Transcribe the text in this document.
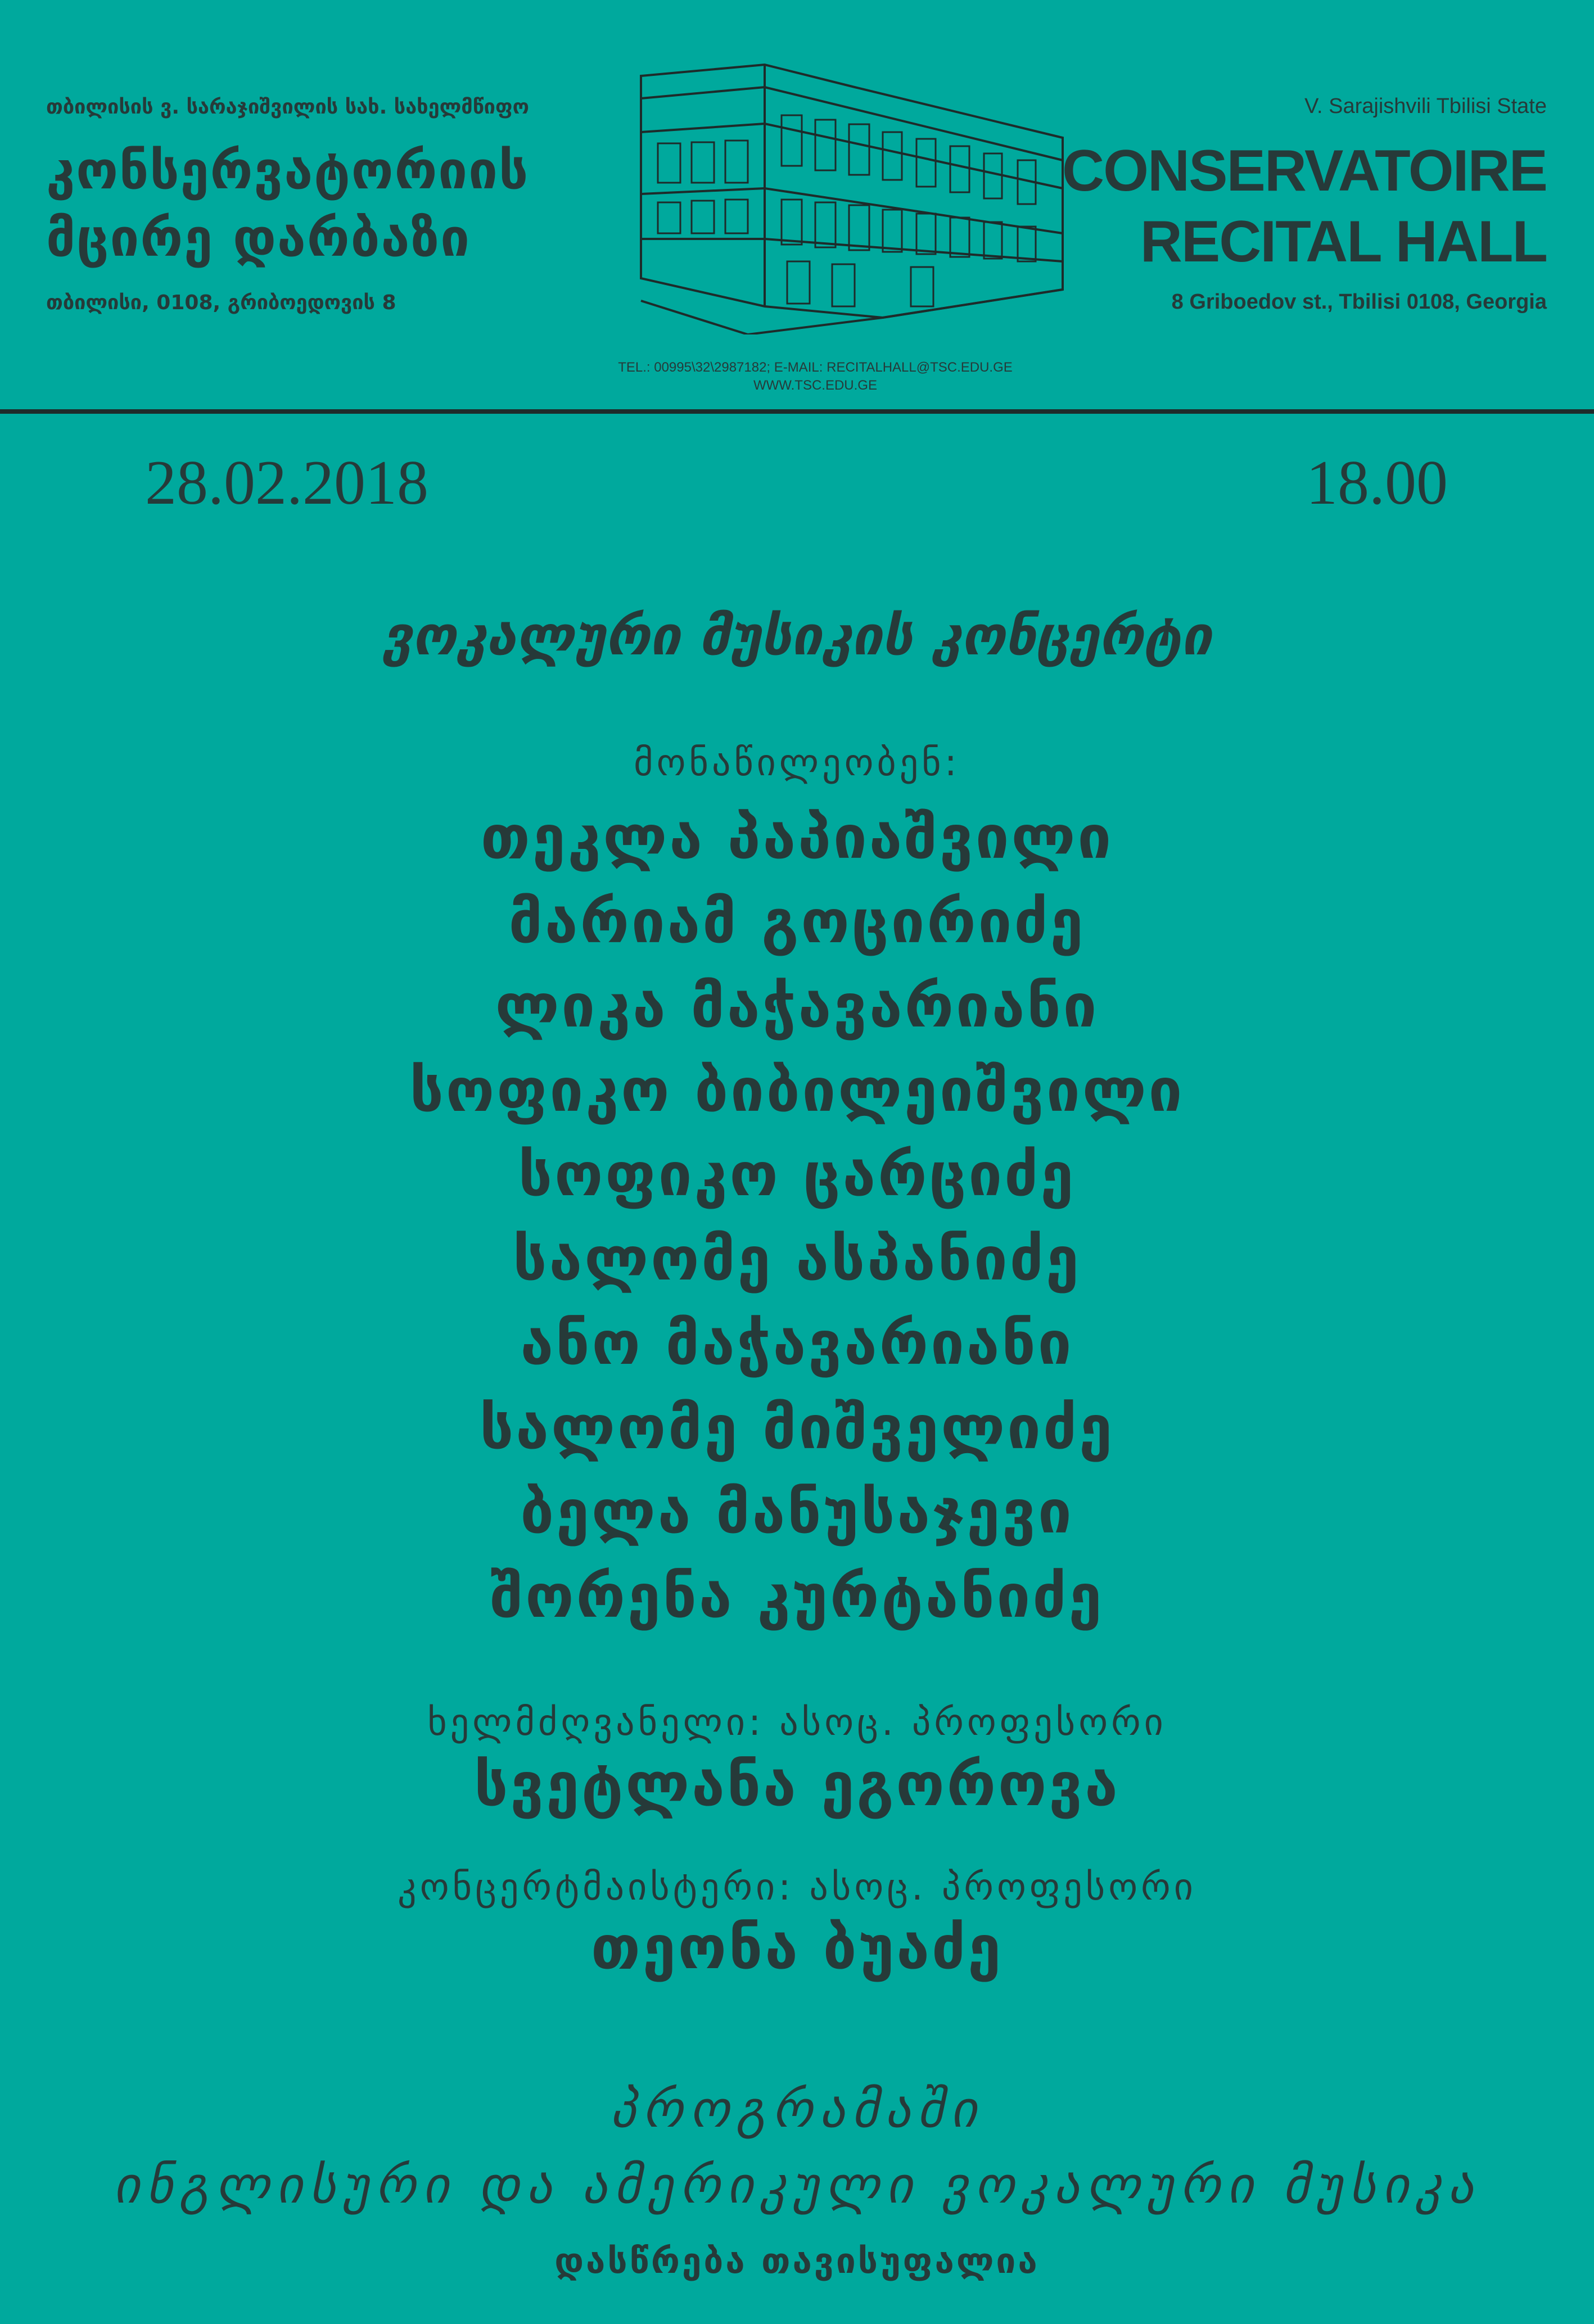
თბილისის ვ. სარაჯიშვილის სახ. სახელმწიფო
კონსერვატორიის
მცირე დარბაზი
თბილისი, 0108, გრიბოედოვის 8
TEL.: 00995\32\2987182; E-MAIL: RECITALHALL@TSC.EDU.GE
WWW.TSC.EDU.GE
V. Sarajishvili Tbilisi State
CONSERVATOIRE
RECITAL HALL
8 Griboedov st., Tbilisi 0108, Georgia
28.02.2018	18.00
ვოკალური მუსიკის კონცერტი
მონაწილეობენ:
თეკლა პაპიაშვილი
მარიამ გოცირიძე
ლიკა მაჭავარიანი
სოფიკო ბიბილეიშვილი
სოფიკო ცარციძე
სალომე ასპანიძე
ანო მაჭავარიანი
სალომე მიშველიძე
ბელა მანუსაჯევი
შორენა კურტანიძე
ხელმძღვანელი: ასოც. პროფესორი
სვეტლანა ეგოროვა
კონცერტმაისტერი: ასოც. პროფესორი
თეონა ბუაძე
პროგრამაში
ინგლისური და ამერიკული ვოკალური მუსიკა
დასწრება თავისუფალია
